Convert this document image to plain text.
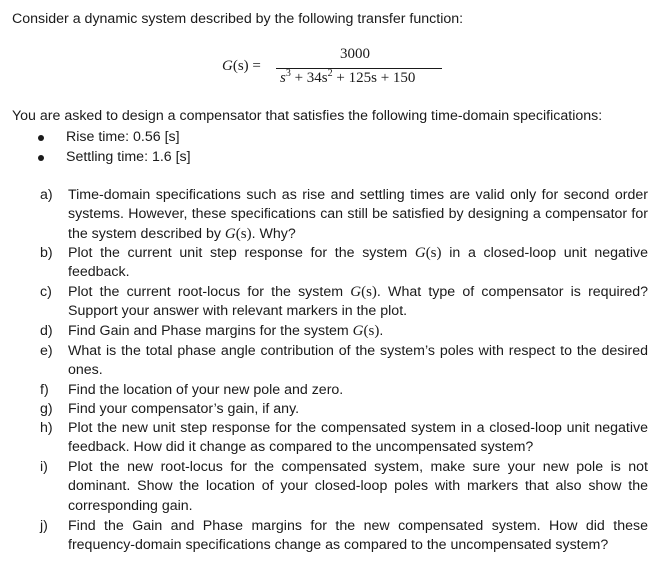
Consider a dynamic system described by the following transfer function:
G(s) =
3000
$s^3 + 34s^2 + 125s + 150$
You are asked to design a compensator that satisfies the following time-domain specifications:
Rise time: 0.56 [s]
Settling time: 1.6 [s]
a) Time-domain specifications such as rise and settling times are valid only for second order systems. However, these specifications can still be satisfied by designing a compensator for the system described by G(s). Why?
b) Plot the current unit step response for the system G(s) in a closed-loop unit negative feedback.
c) Plot the current root-locus for the system G(s). What type of compensator is required? Support your answer with relevant markers in the plot.
d) Find Gain and Phase margins for the system G(s).
e) What is the total phase angle contribution of the system’s poles with respect to the desired ones.
f) Find the location of your new pole and zero.
g) Find your compensator’s gain, if any.
h) Plot the new unit step response for the compensated system in a closed-loop unit negative feedback. How did it change as compared to the uncompensated system?
i) Plot the new root-locus for the compensated system, make sure your new pole is not dominant. Show the location of your closed-loop poles with markers that also show the corresponding gain.
j) Find the Gain and Phase margins for the new compensated system. How did these frequency-domain specifications change as compared to the uncompensated system?
